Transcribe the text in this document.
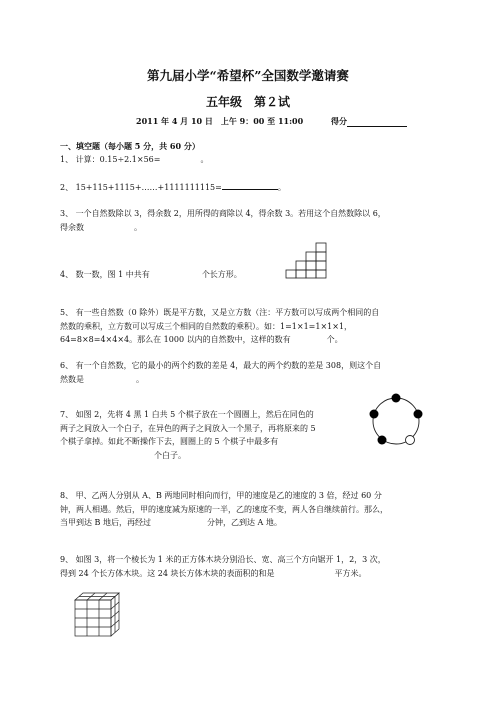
第九届小学“希望杯”全国数学邀请赛
五年级　第２试
2011 年 4 月 10 日　上午 9：00 至 11:00	得分
一、填空题（每小题 5 分，共 60 分）
1、 计算：0.15÷2.1×56=	。
2、 15+115+1115+……+1111111115=	。
3、 一个自然数除以 3，得余数 2，用所得的商除以 4，得余数 3。若用这个自然数除以 6，
得余数	。
4、 数一数，图 1 中共有	个长方形。
5、 有一些自然数（0 除外）既是平方数，又是立方数（注：平方数可以写成两个相同的自
然数的乘积，立方数可以写成三个相同的自然数的乘积）。如：1=1×1=1×1×1，
64=8×8=4×4×4。那么在 1000 以内的自然数中，这样的数有	个。
6、 有一个自然数，它的最小的两个约数的差是 4，最大的两个约数的差是 308，则这个自
然数是	。
7、 如图 2，先将 4 黑 1 白共 5 个棋子放在一个圆圈上，然后在同色的
两子之间放入一个白子，在异色的两子之间放入一个黑子，再将原来的 5
个棋子拿掉。如此不断操作下去，圆圈上的 5 个棋子中最多有
个白子。
8、 甲、乙两人分别从 A、B 两地同时相向而行，甲的速度是乙的速度的 3 倍，经过 60 分
钟，两人相遇。然后，甲的速度减为原速的一半，乙的速度不变，两人各自继续前行。那么，
当甲到达 B 地后，再经过	分钟，乙到达 A 地。
9、 如图 3，将一个棱长为 1 米的正方体木块分别沿长、宽、高三个方向锯开 1，2，3 次，
得到 24 个长方体木块。这 24 块长方体木块的表面积的和是	平方米。
